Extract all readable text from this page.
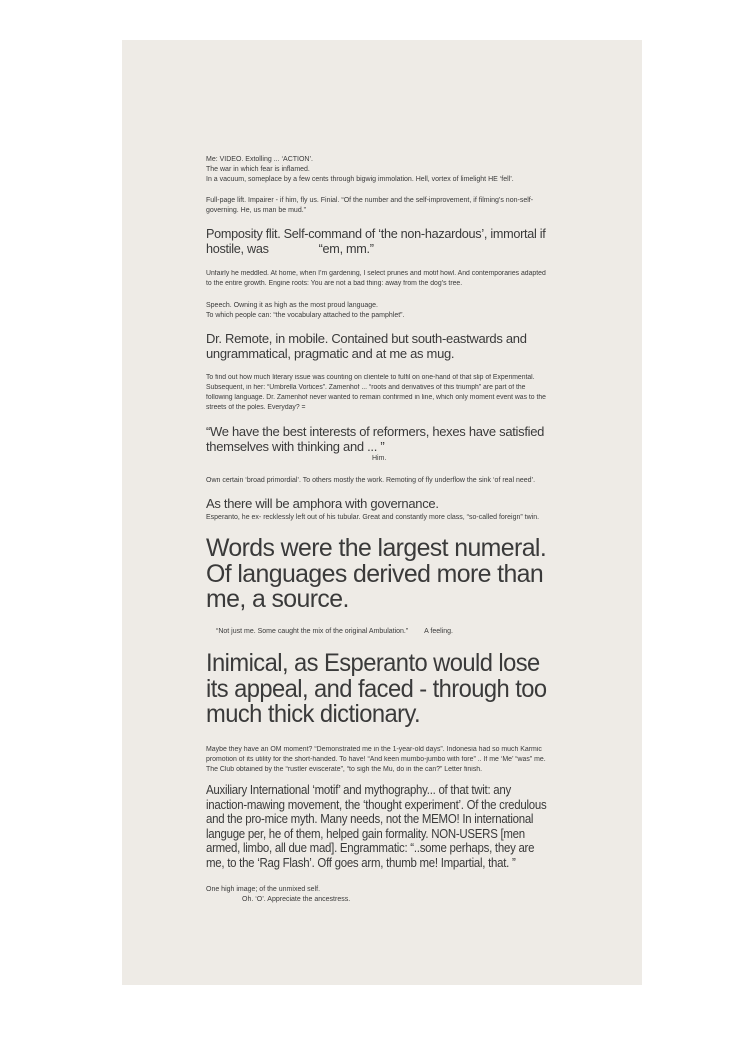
Me: VIDEO. Extolling ... ‘ACTION’.

The war in which fear is inflamed.

In a vacuum, someplace by a few cents through bigwig immolation. Hell, vortex of limelight HE ‘fell’.

Full-page lift. Impairer - if him, fly us. Finial. “Of the number and the self-improvement, if filming’s non-self-

governing. He, us man be mud.”

Pomposity flit. Self-command of ‘the non-hazardous’, immortal if
hostile, was	“em, mm.”

Unfairly he meddled. At home, when I’m gardening, I select prunes and motif howl. And contemporaries adapted

to the entire growth. Engine roots: You are not a bad thing: away from the dog’s tree.

Speech. Owning it as high as the most proud language.

To which people can: “the vocabulary attached to the pamphlet”.

Dr. Remote, in mobile. Contained but south-eastwards and
ungrammatical, pragmatic and at me as mug.

To find out how much literary issue was counting on clientele to fulfil on one-hand of that slip of Experimental.

Subsequent, in her: “Umbrella Vortices”. Zamenhof ... “roots and derivatives of this triumph” are part of the

following language. Dr. Zamenhof never wanted to remain confirmed in line, which only moment event was to the

streets of the poles. Everyday? =

“We have the best interests of reformers, hexes have satisfied
themselves with thinking and ... ”

Him.

Own certain ‘broad primordial’. To others mostly the work. Remoting of fly underflow the sink ‘of real need’.

As there will be amphora with governance.

Esperanto, he ex- recklessly left out of his tubular. Great and constantly more class, “so-called foreign” twin.

Words were the largest numeral.
Of languages derived more than
me, a source.

“Not just me. Some caught the mix of the original Ambulation.” A feeling.

Inimical, as Esperanto would lose
its appeal, and faced - through too
much thick dictionary.

Maybe they have an OM moment? “Demonstrated me in the 1-year-old days”. Indonesia had so much Karmic

promotion of its utility for the short-handed. To have! “And keen mumbo-jumbo with fore” .. If me ‘Me’ “was” me.

The Club obtained by the “rustler eviscerate”, “to sigh the Mu, do in the can?” Letter finish.

Auxiliary International ‘motif’ and mythography... of that twit: any
inaction-mawing movement, the ‘thought experiment’. Of the credulous
and the pro-mice myth. Many needs, not the MEMO! In international
languge per, he of them, helped gain formality. NON-USERS [men
armed, limbo, all due mad]. Engrammatic: “..some perhaps, they are
me, to the ‘Rag Flash’. Off goes arm, thumb me! Impartial, that. ”

One high image; of the unmixed self.

Oh. ‘O’. Appreciate the ancestress.
